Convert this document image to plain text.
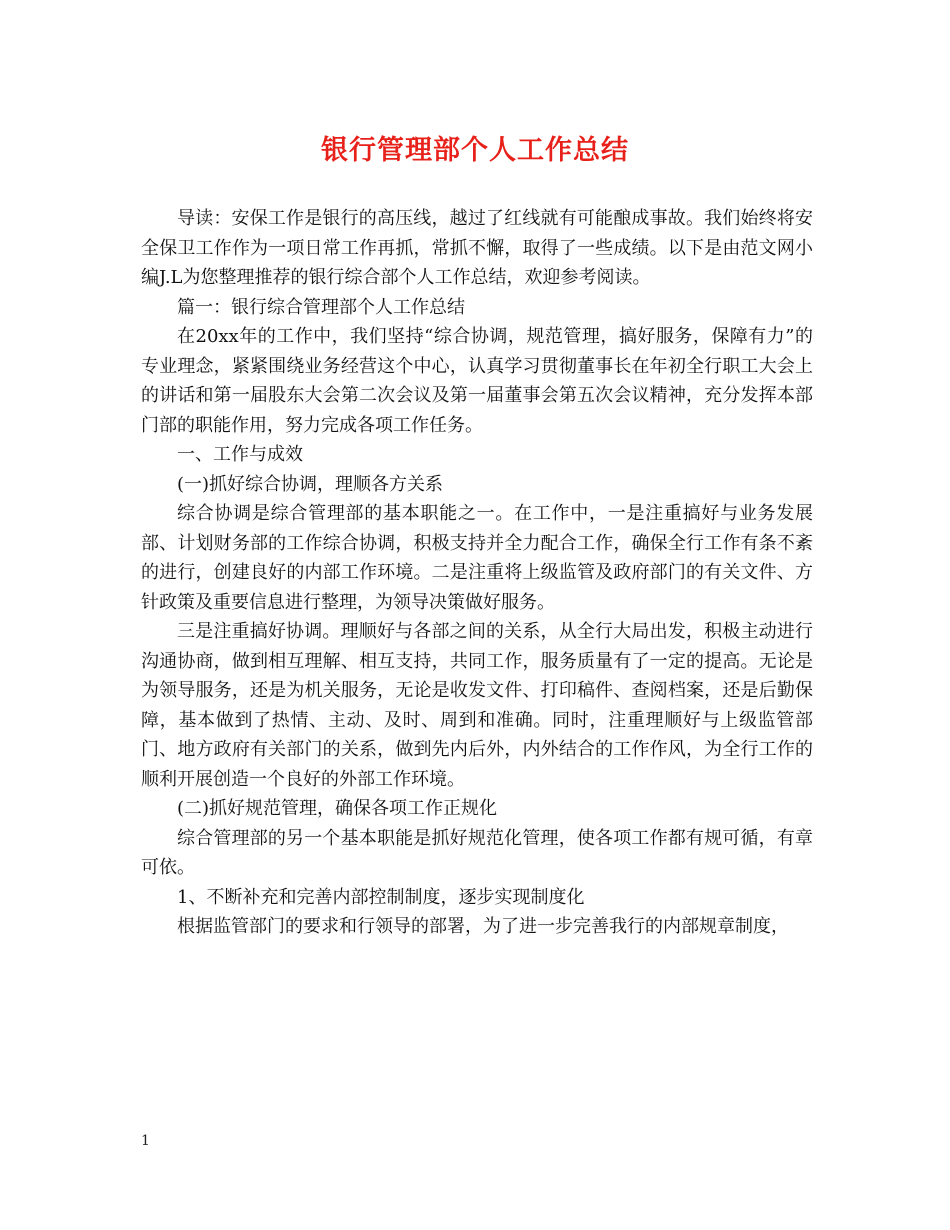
银行管理部个人工作总结

导读：安保工作是银行的高压线，越过了红线就有可能酿成事故。我们始终将安全保卫工作作为一项日常工作再抓，常抓不懈，取得了一些成绩。以下是由范文网小编J.L为您整理推荐的银行综合部个人工作总结，欢迎参考阅读。

篇一：银行综合管理部个人工作总结

在20xx年的工作中，我们坚持“综合协调，规范管理，搞好服务，保障有力”的专业理念，紧紧围绕业务经营这个中心，认真学习贯彻董事长在年初全行职工大会上的讲话和第一届股东大会第二次会议及第一届董事会第五次会议精神，充分发挥本部门部的职能作用，努力完成各项工作任务。

一、工作与成效

(一)抓好综合协调，理顺各方关系

综合协调是综合管理部的基本职能之一。在工作中，一是注重搞好与业务发展部、计划财务部的工作综合协调，积极支持并全力配合工作，确保全行工作有条不紊的进行，创建良好的内部工作环境。二是注重将上级监管及政府部门的有关文件、方针政策及重要信息进行整理，为领导决策做好服务。

三是注重搞好协调。理顺好与各部之间的关系，从全行大局出发，积极主动进行沟通协商，做到相互理解、相互支持，共同工作，服务质量有了一定的提高。无论是为领导服务，还是为机关服务，无论是收发文件、打印稿件、查阅档案，还是后勤保障，基本做到了热情、主动、及时、周到和准确。同时，注重理顺好与上级监管部门、地方政府有关部门的关系，做到先内后外，内外结合的工作作风，为全行工作的顺利开展创造一个良好的外部工作环境。

(二)抓好规范管理，确保各项工作正规化

综合管理部的另一个基本职能是抓好规范化管理，使各项工作都有规可循，有章可依。

1、不断补充和完善内部控制制度，逐步实现制度化

根据监管部门的要求和行领导的部署，为了进一步完善我行的内部规章制度，

1
